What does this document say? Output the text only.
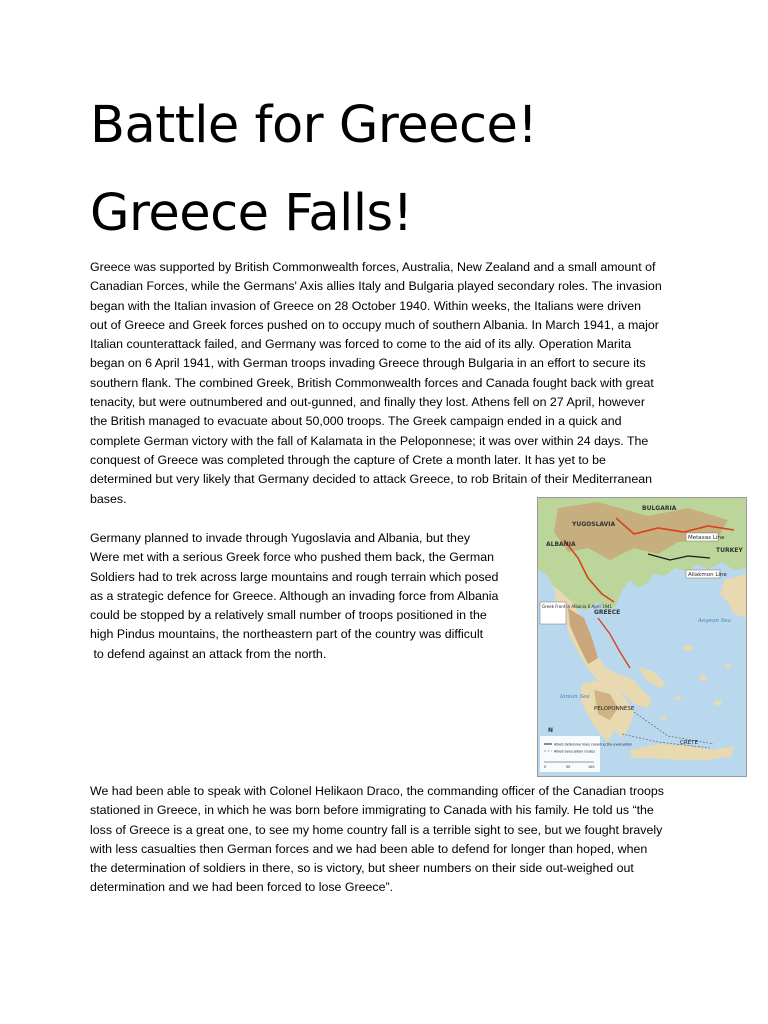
Battle for Greece!
Greece Falls!

Greece was supported by British Commonwealth forces, Australia, New Zealand and a small amount of
Canadian Forces, while the Germans' Axis allies Italy and Bulgaria played secondary roles. The invasion
began with the Italian invasion of Greece on 28 October 1940. Within weeks, the Italians were driven
out of Greece and Greek forces pushed on to occupy much of southern Albania. In March 1941, a major
Italian counterattack failed, and Germany was forced to come to the aid of its ally. Operation Marita
began on 6 April 1941, with German troops invading Greece through Bulgaria in an effort to secure its
southern flank. The combined Greek, British Commonwealth forces and Canada fought back with great
tenacity, but were outnumbered and out-gunned, and finally they lost. Athens fell on 27 April, however
the British managed to evacuate about 50,000 troops. The Greek campaign ended in a quick and
complete German victory with the fall of Kalamata in the Peloponnese; it was over within 24 days. The
conquest of Greece was completed through the capture of Crete a month later. It has yet to be
determined but very likely that Germany decided to attack Greece, to rob Britain of their Mediterranean
bases.

Germany planned to invade through Yugoslavia and Albania, but they
Were met with a serious Greek force who pushed them back, the German
Soldiers had to trek across large mountains and rough terrain which posed
as a strategic defence for Greece. Although an invading force from Albania
could be stopped by a relatively small number of troops positioned in the
high Pindus mountains, the northeastern part of the country was difficult
to defend against an attack from the north.

Metaxas Line
Aliakmon Line
Greek Front in Albania 6 April 1941
BULGARIA
YUGOSLAVIA
ALBANIA
GREECE
TURKEY
PELOPONNESE
CRETE
Aegean Sea
Ionian Sea
N
Allied defensive lines covering the evacuation
Allied evacuation routes
0	50	100

We had been able to speak with Colonel Helikaon Draco, the commanding officer of the Canadian troops
stationed in Greece, in which he was born before immigrating to Canada with his family. He told us “the
loss of Greece is a great one, to see my home country fall is a terrible sight to see, but we fought bravely
with less casualties then German forces and we had been able to defend for longer than hoped, when
the determination of soldiers in there, so is victory, but sheer numbers on their side out-weighed out
determination and we had been forced to lose Greece”.
